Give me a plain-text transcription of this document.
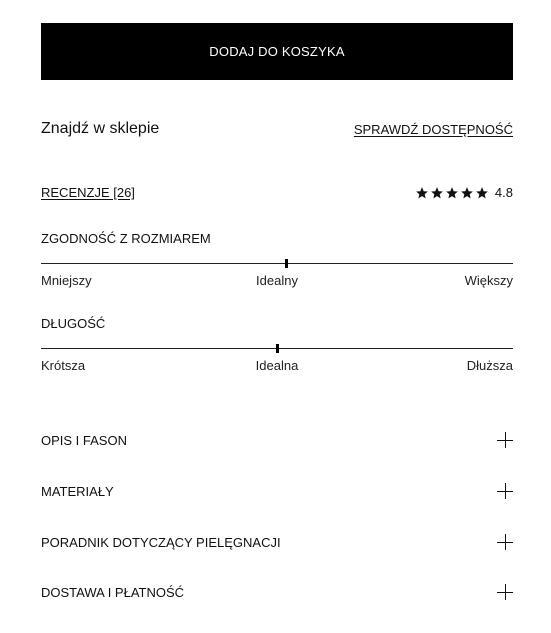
DODAJ DO KOSZYKA
Znajdź w sklepie	SPRAWDŹ DOSTĘPNOŚĆ
RECENZJE [26]	4.8
ZGODNOŚĆ Z ROZMIAREM
Mniejszy	Idealny	Większy
DŁUGOŚĆ
Krótsza	Idealna	Dłuższa
OPIS I FASON
MATERIAŁY
PORADNIK DOTYCZĄCY PIELĘGNACJI
DOSTAWA I PŁATNOŚĆ
